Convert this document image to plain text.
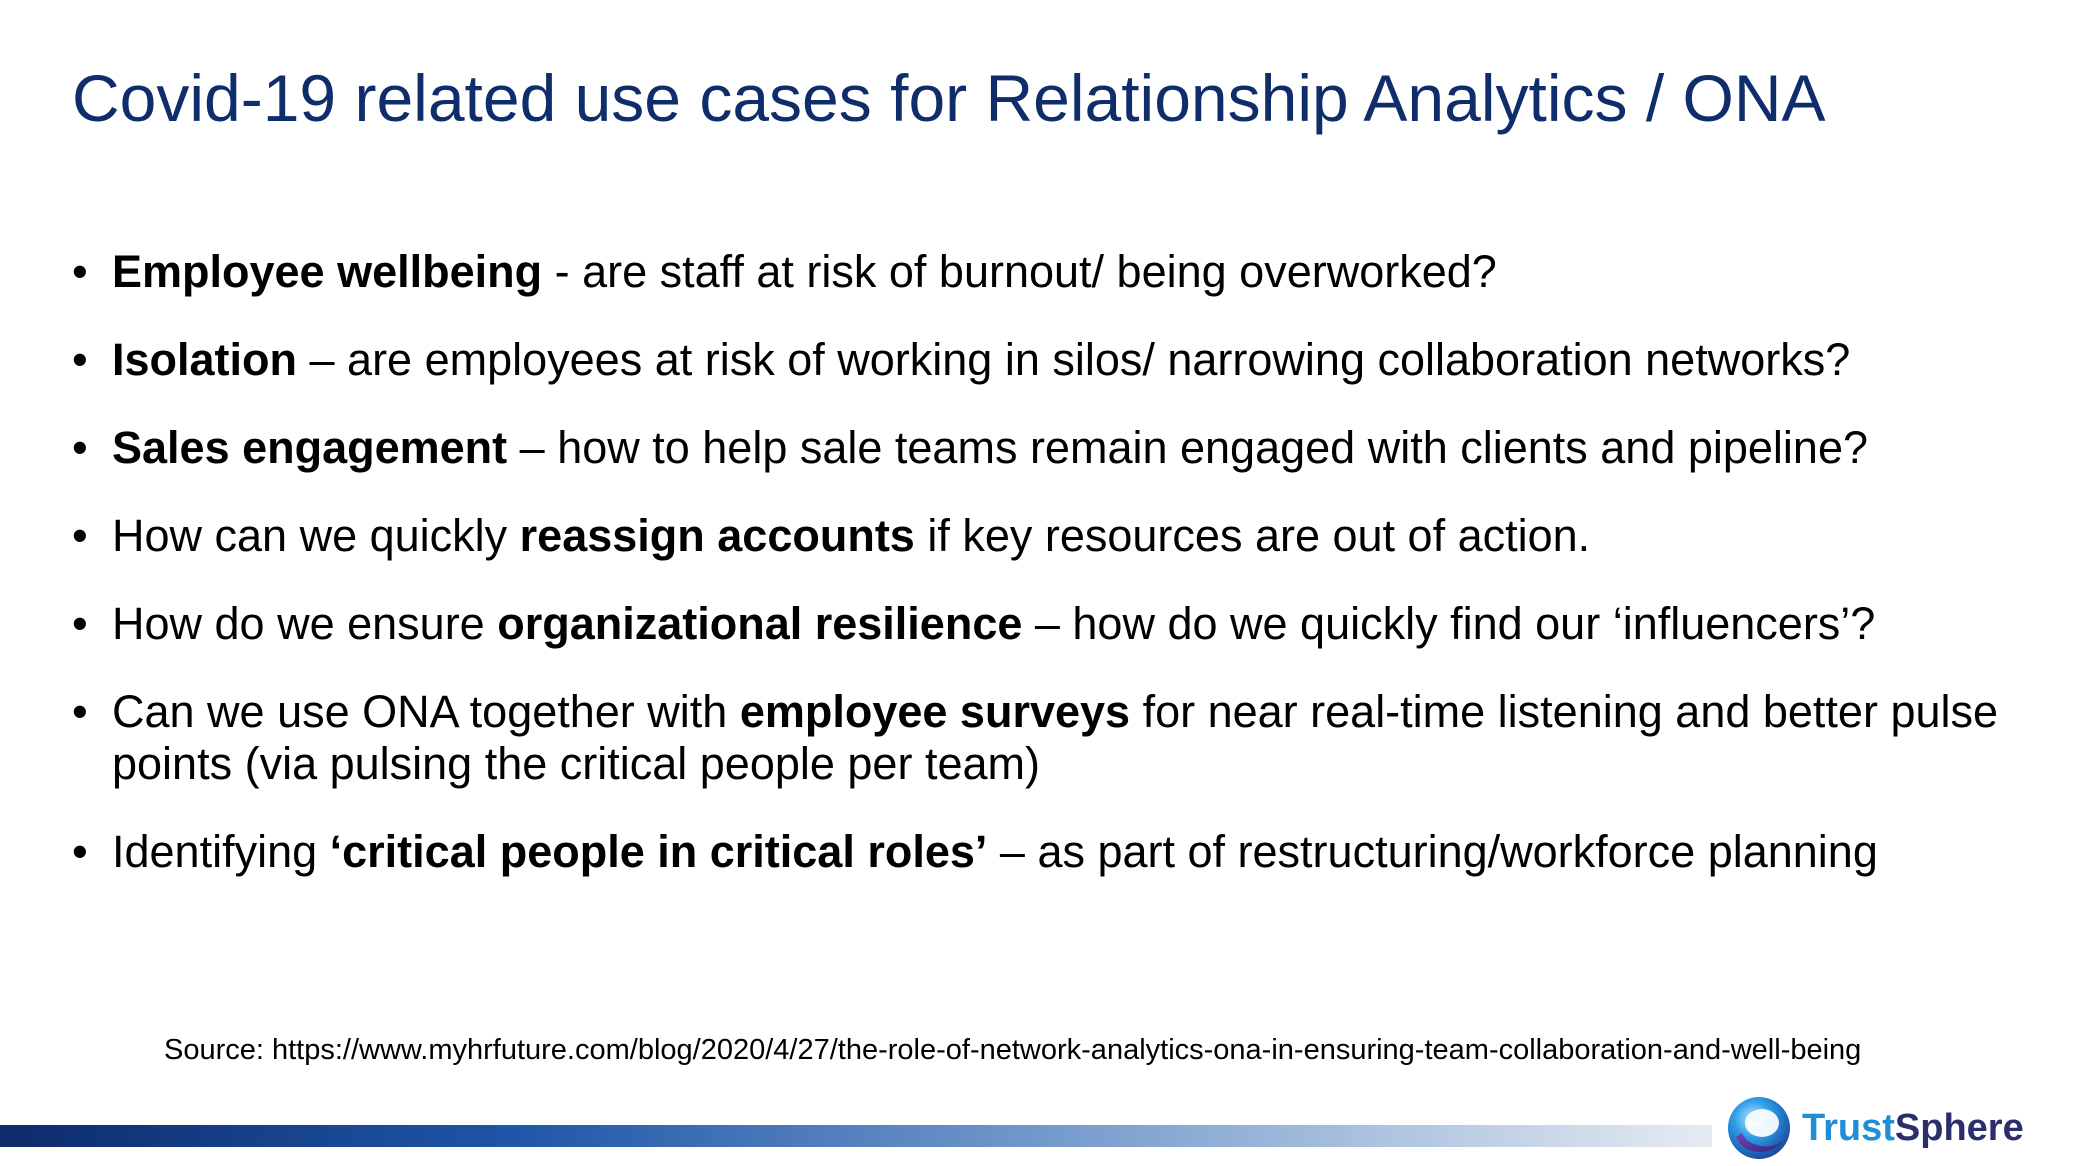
Covid-19 related use cases for Relationship Analytics / ONA
• Employee wellbeing - are staff at risk of burnout/ being overworked?
• Isolation – are employees at risk of working in silos/ narrowing collaboration networks?
• Sales engagement – how to help sale teams remain engaged with clients and pipeline?
• How can we quickly reassign accounts if key resources are out of action.
• How do we ensure organizational resilience – how do we quickly find our ‘influencers’?
• Can we use ONA together with employee surveys for near real-time listening and better pulse points (via pulsing the critical people per team)
• Identifying ‘critical people in critical roles’ – as part of restructuring/workforce planning
Source: https://www.myhrfuture.com/blog/2020/4/27/the-role-of-network-analytics-ona-in-ensuring-team-collaboration-and-well-being
TrustSphere
